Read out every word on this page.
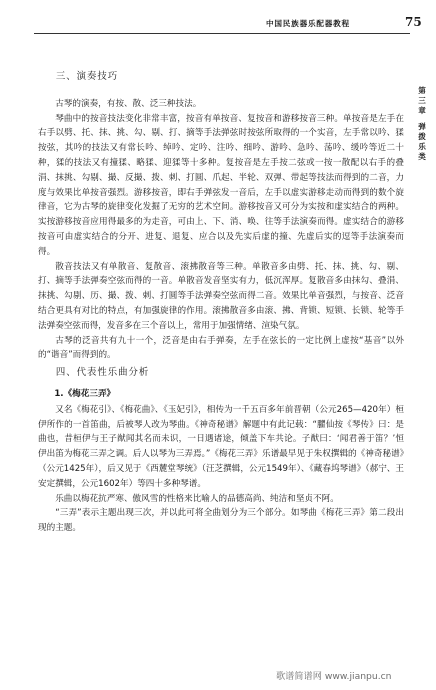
中国民族器乐配器教程	75
第
三
章
弹
拨
乐
类
三、演奏技巧

古琴的演奏，有按、散、泛三种技法。

琴曲中的按音技法变化非常丰富，按音有单按音、复按音和游移按音三种。单按音是左手在右手以劈、托、抹、挑、勾、剔、打、摘等手法弹弦时按弦所取得的一个实音，左手常以吟、猱按弦，其吟的技法又有常长吟、绰吟、定吟、注吟、细吟、游吟、急吟、荡吟、缓吟等近二十种，猱的技法又有撞猱、略猱、迎猱等十多种。复按音是左手按二弦或一按一散配以右手的叠涓、抹挑、勾剔、撮、反撮、拨、刺、打圆、爪起、半轮、双弹、带起等技法而得到的二音，力度与效果比单按音强烈。游移按音，即右手弹弦发一音后，左手以虚实游移走动而得到的数个旋律音，它为古琴的旋律变化发掘了无穷的艺术空间。游移按音又可分为实按和虚实结合的两种。实按游移按音应用得最多的为走音，可由上、下、消、唤、往等手法演奏而得。虚实结合的游移按音可由虚实结合的分开、进复、退复、应合以及先实后虚的撞、先虚后实的逗等手法演奏而得。

散音技法又有单散音、复散音、滚拂散音等三种。单散音多由劈、托、抹、挑、勾、剔、打、摘等手法弹奏空弦而得的一音。单散音发音坚实有力，低沉浑厚。复散音多由抹勾、叠涓、抹挑、勾剔、历、撮、拨、剌、打圆等手法弹奏空弦而得二音。效果比单音强烈，与按音、泛音结合更具有对比的特点，有加强旋律的作用。滚拂散音多由滚、拂、背锁、短锁、长锁、轮等手法弹奏空弦而得，发音多在三个音以上，常用于加强情绪、渲染气氛。

古琴的泛音共有九十一个，泛音是由右手弹奏，左手在弦长的一定比例上虚按“基音”以外的“谐音”而得到的。

四、代表性乐曲分析
1.《梅花三弄》

又名《梅花引》、《梅花曲》、《玉妃引》，相传为一千五百多年前晋朝（公元265—420年）桓伊所作的一首笛曲，后被琴人改为琴曲。《神奇秘谱》解题中有此记载：“臞仙按《琴传》曰：是曲也，昔桓伊与王子猷闻其名而未识，一日遇诸途，倾盖下车共论。子猷曰：‘闻君善于笛？’恒伊出笛为梅花三弄之调。后人以琴为三弄焉。”《梅花三弄》乐谱最早见于朱权撰辑的《神奇秘谱》（公元1425年），后又见于《西麓堂琴统》（汪芝撰辑，公元1549年）、《藏春坞琴谱》（郝宁、王安定撰辑，公元1602年）等四十多种琴谱。

乐曲以梅花抗严寒、傲风雪的性格来比喻人的品德高尚、纯洁和坚贞不阿。

“三弄”表示主题出现三次，并以此可将全曲划分为三个部分。如琴曲《梅花三弄》第二段出现的主题。

歌谱简谱网 www.jianpu.cn
